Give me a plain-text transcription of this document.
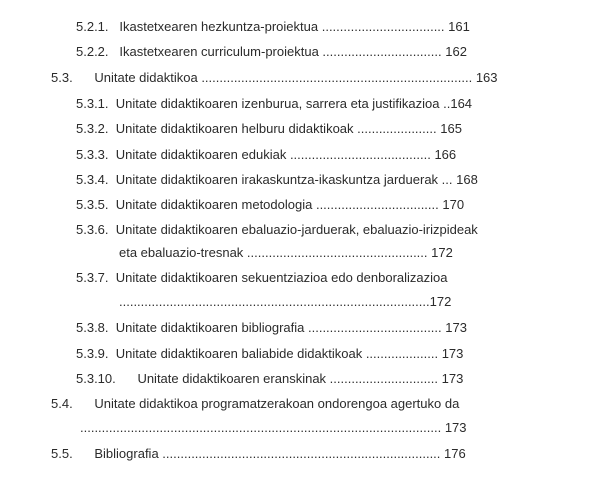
5.2.1. Ikastetxearen hezkuntza-proiektua .................................. 161
5.2.2. Ikastetxearen curriculum-proiektua ................................. 162
5.3. Unitate didaktikoa ........................................................................... 163
5.3.1. Unitate didaktikoaren izenburua, sarrera eta justifikazioa ..164
5.3.2. Unitate didaktikoaren helburu didaktikoak ...................... 165
5.3.3. Unitate didaktikoaren edukiak ....................................... 166
5.3.4. Unitate didaktikoaren irakaskuntza-ikaskuntza jarduerak ... 168
5.3.5. Unitate didaktikoaren metodologia .................................. 170
5.3.6. Unitate didaktikoaren ebaluazio-jarduerak, ebaluazio-irizpideak
eta ebaluazio-tresnak .................................................. 172
5.3.7. Unitate didaktikoaren sekuentziazioa edo denboralizazioa
......................................................................................172
5.3.8. Unitate didaktikoaren bibliografia ..................................... 173
5.3.9. Unitate didaktikoaren baliabide didaktikoak .................... 173
5.3.10. Unitate didaktikoaren eranskinak .............................. 173
5.4. Unitate didaktikoa programatzerakoan ondorengoa agertuko da
.................................................................................................... 173
5.5. Bibliografia ............................................................................. 176
